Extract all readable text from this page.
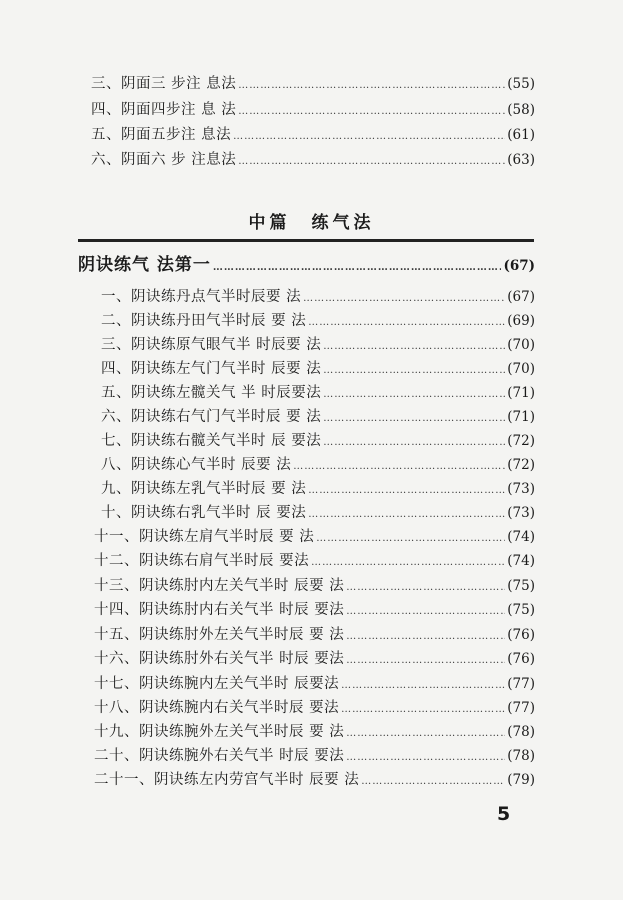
三、阴面三 步注 息法 ……………………………………………………………………………………………………………………………………………………	(55)
四、阴面四步注 息 法 ……………………………………………………………………………………………………………………………………………………	(58)
五、阴面五步注 息法 ……………………………………………………………………………………………………………………………………………………	(61)
六、阴面六 步 注息法 ……………………………………………………………………………………………………………………………………………………	(63)
中篇　练气法
阴诀练气 法第一 ……………………………………………………………………………………………………………………………………………………	(67)
一、阴诀练丹点气半时辰要 法 ……………………………………………………………………………………………………………………………………………………	(67)
二、阴诀练丹田气半时辰 要 法 ……………………………………………………………………………………………………………………………………………………	(69)
三、阴诀练原气眼气半 时辰要 法 ……………………………………………………………………………………………………………………………………………………	(70)
四、阴诀练左气门气半时 辰要 法 ……………………………………………………………………………………………………………………………………………………	(70)
五、阴诀练左髋关气 半 时辰要法 ……………………………………………………………………………………………………………………………………………………	(71)
六、阴诀练右气门气半时辰 要 法 ……………………………………………………………………………………………………………………………………………………	(71)
七、阴诀练右髋关气半时 辰 要法 ……………………………………………………………………………………………………………………………………………………	(72)
八、阴诀练心气半时 辰要 法 ……………………………………………………………………………………………………………………………………………………	(72)
九、阴诀练左乳气半时辰 要 法 ……………………………………………………………………………………………………………………………………………………	(73)
十、阴诀练右乳气半时 辰 要法 ……………………………………………………………………………………………………………………………………………………	(73)
十一、阴诀练左肩气半时辰 要 法 ……………………………………………………………………………………………………………………………………………………	(74)
十二、阴诀练右肩气半时辰 要法 ……………………………………………………………………………………………………………………………………………………	(74)
十三、阴诀练肘内左关气半时 辰要 法 ……………………………………………………………………………………………………………………………………………………	(75)
十四、阴诀练肘内右关气半 时辰 要法 ……………………………………………………………………………………………………………………………………………………	(75)
十五、阴诀练肘外左关气半时辰 要 法 ……………………………………………………………………………………………………………………………………………………	(76)
十六、阴诀练肘外右关气半 时辰 要法 ……………………………………………………………………………………………………………………………………………………	(76)
十七、阴诀练腕内左关气半时 辰要法 ……………………………………………………………………………………………………………………………………………………	(77)
十八、阴诀练腕内右关气半时辰 要法 ……………………………………………………………………………………………………………………………………………………	(77)
十九、阴诀练腕外左关气半时辰 要 法 ……………………………………………………………………………………………………………………………………………………	(78)
二十、阴诀练腕外右关气半 时辰 要法 ……………………………………………………………………………………………………………………………………………………	(78)
二十一、阴诀练左内劳宫气半时 辰要 法 ……………………………………………………………………………………………………………………………………………………	(79)
5
